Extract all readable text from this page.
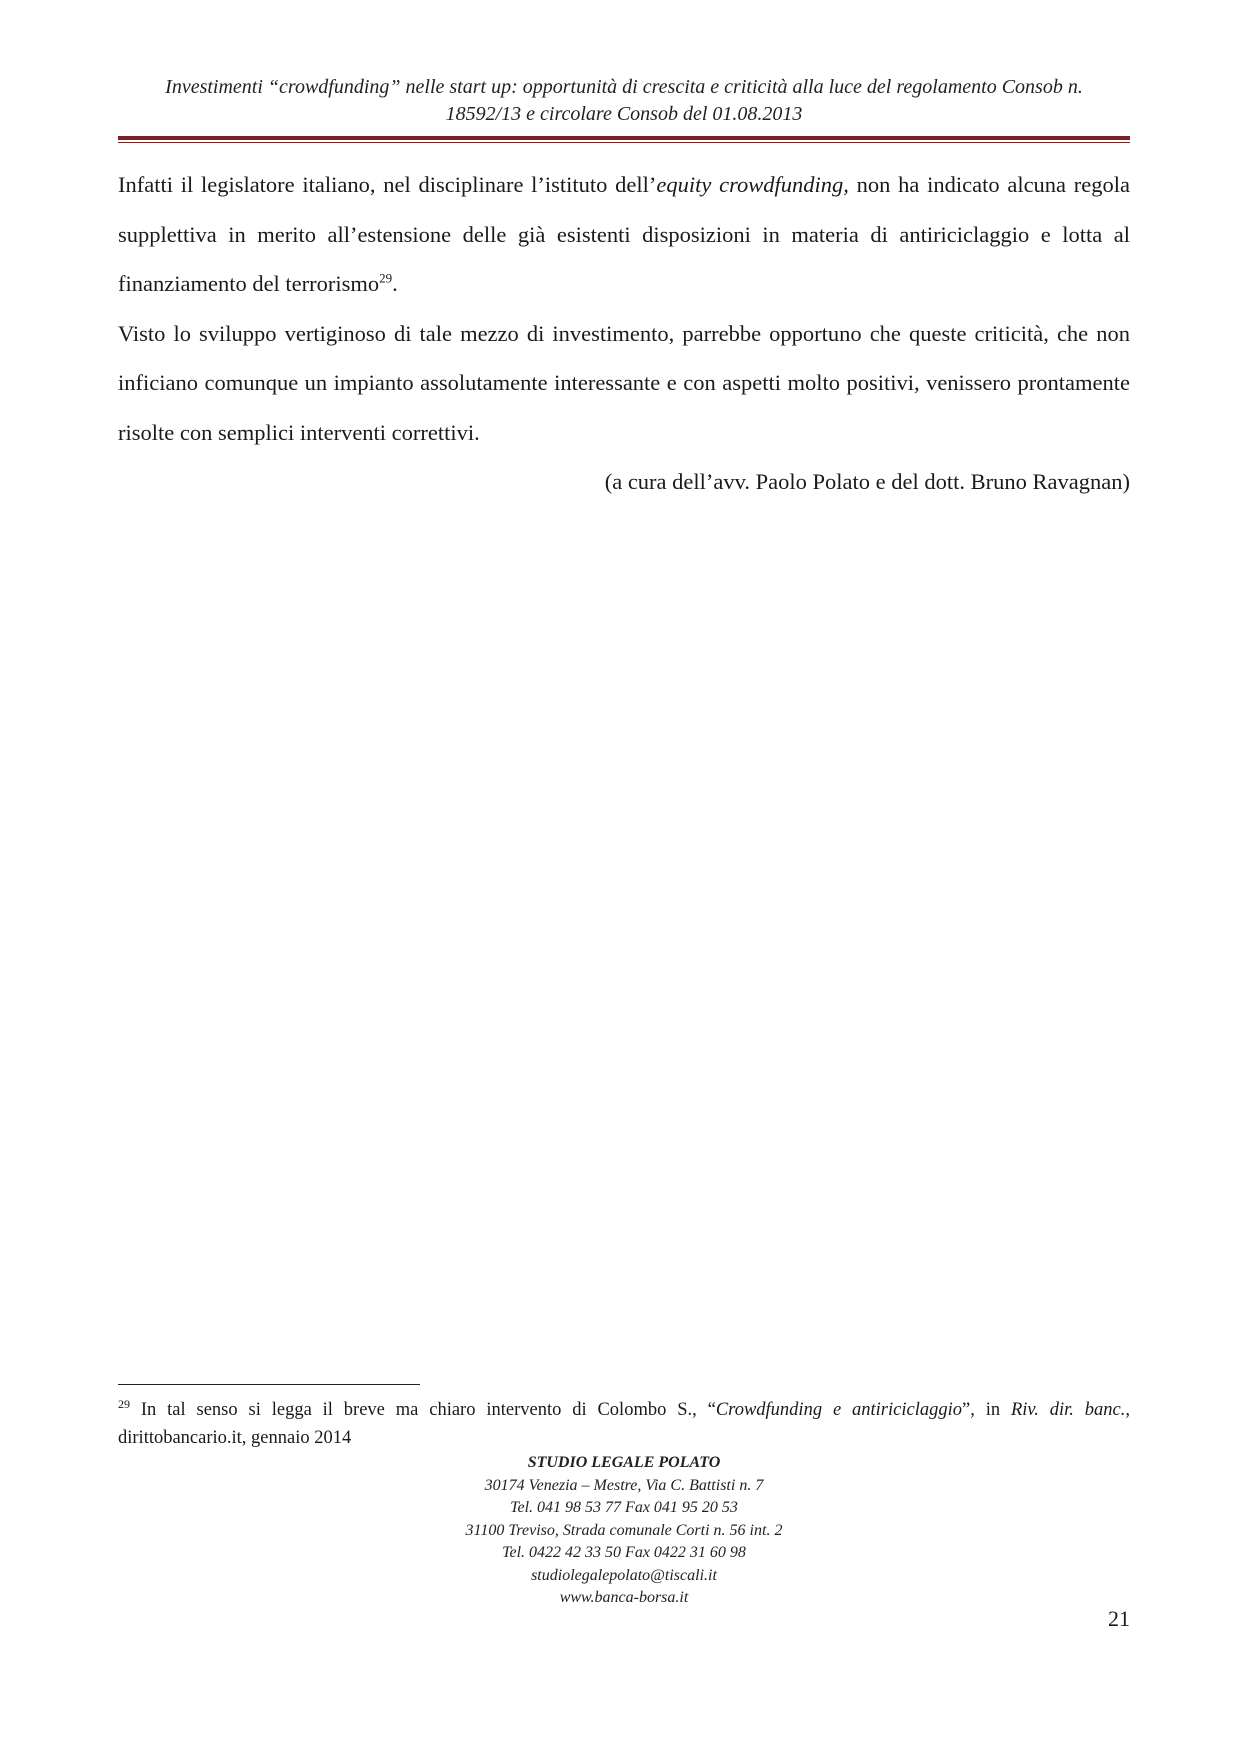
Investimenti “crowdfunding” nelle start up: opportunità di crescita e criticità alla luce del regolamento Consob n.
18592/13 e circolare Consob del 01.08.2013

Infatti il legislatore italiano, nel disciplinare l’istituto dell’equity crowdfunding, non ha indicato alcuna regola supplettiva in merito all’estensione delle già esistenti disposizioni in materia di antiriciclaggio e lotta al finanziamento del terrorismo$^{29}$.

Visto lo sviluppo vertiginoso di tale mezzo di investimento, parrebbe opportuno che queste criticità, che non inficiano comunque un impianto assolutamente interessante e con aspetti molto positivi, venissero prontamente risolte con semplici interventi correttivi.

(a cura dell’avv. Paolo Polato e del dott. Bruno Ravagnan)

$^{29}$ In tal senso si legga il breve ma chiaro intervento di Colombo S., “Crowdfunding e antiriciclaggio”, in Riv. dir. banc., dirittobancario.it, gennaio 2014
STUDIO LEGALE POLATO
30174 Venezia – Mestre, Via C. Battisti n. 7
Tel. 041 98 53 77 Fax 041 95 20 53
31100 Treviso, Strada comunale Corti n. 56 int. 2
Tel. 0422 42 33 50 Fax 0422 31 60 98
studiolegalepolato@tiscali.it
www.banca-borsa.it
21
